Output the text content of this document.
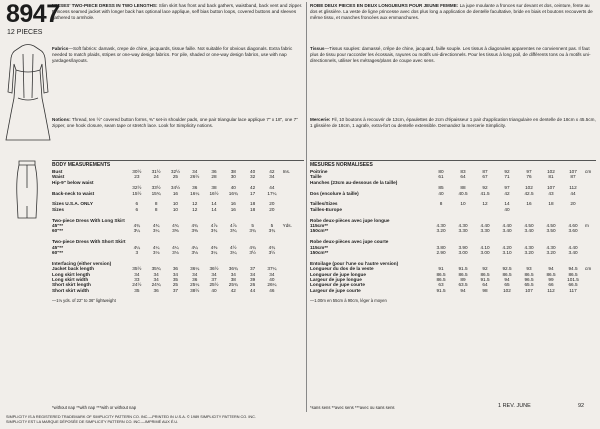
8947
12 PIECES
MISSES' TWO-PIECE DRESS IN TWO LENGTHS: Slim skirt has front and back gathers, waistband, back vent and zipper. Princess seamed jacket with longer back has optional lace applique, self bias button loops, covered buttons and sleeves gathered to armhole.
ROBE DEUX PIECES EN DEUX LONGUEURS POUR JEUNE FEMME: La jupe moulante a fronces sur devant et dos, ceinture, fente au dos et glissière. La veste de ligne princesse avec dos plus long a application de dentelle facultative, bride en biais et boutons recouverts de même tissu, et manches froncées aux emmanchures.
Fabrics—Soft fabrics: damask, crepe de chine, jacquards, tissue faille. Not suitable for obvious diagonals. Extra fabric needed to match plaids, stripes or one-way design fabrics. For pile, shaded or one-way design fabrics, use with nap yardages/layouts.
Tissus—Tissus souples: damassé, crêpe de chine, jacquard, faille souple. Les tissus à diagonales apparentes ne conviennent pas. Il faut plus de tissu pour raccorder les écossais, rayures ou motifs uni-directionnels. Pour les tissus à long poil, de différents tons ou à motifs uni-directionnels, utiliser les métrages/plans de coupe avec sens.
Notions: Thread, ten ½" covered button forms, ⅜" set-in shoulder pads, one pair triangular lace applique 7" x 18", one 7" zipper, one hook closure, seam tape or stretch lace. Look for Simplicity notions.
Mercerie: Fil, 10 boutons à recouvrir de 13cm, épaulettes de 2cm d'épaisseur 1 pair d'application triangulaire en dentelle de 18cm x 45.5cm, 1 glissière de 18cm, 1 agrafe, extra-fort ou dentelle extensible. Demandez la mercerie Simplicity.
BODY MEASUREMENTS
Bust	30½	31½	32½	34	36	38	40	42	Ins.
Waist	23	24	25	26½	28	30	32	34	
Hip-9" below waist									
	32½	33½	34½	36	38	40	42	44	
Back-neck to waist	15½	15¾	16	16¼	16½	16¾	17	17¼	

Sizes U.S.A. ONLY	6	8	10	12	14	16	18	20	
Sizes	6	8	10	12	14	16	18	20	

Two-piece Dress With Long Skirt									
45"**	4¾	4¾	4¾	4¾	4⅞	4⅞	5	5	Yds.
60"**	3¼	3¼	3⅜	3⅜	3¾	3¾	3¾	3¾	

Two-piece Dress With Short Skirt									
45"**	4¼	4¼	4¼	4¼	4⅜	4½	4¾	4¾	
60"**	3	3⅛	3⅛	3⅛	3¼	3¼	3½	3½	

Interfacing (either version)									
Jacket back length	35½	35¾	36	36¼	36½	36¾	37	37¼	
Long skirt length	34	34	34	34	34	34	34	34	
Long skirt width	33	34	35	36	37	38	39	40	
Short skirt length	24½	24¾	25	25¼	25½	25¾	26	26¼	
Short skirt width	35	36	37	38½	40	42	44	46	
—1⅛ yds. of 22" to 36" lightweight
*without nap **with nap ***with or without nap
MESURES NORMALISEES
Poitrine	80	83	87	92	97	102	107	cm
Taille	61	64	67	71	76	81	87	
Hanches (23cm au-dessous de la taille)								
	85	88	92	97	102	107	112	
Dos (encolure à taille)	40	40.5	41.5	42	42.5	43	44	

Tailles/Sizes	8	10	12	14	16	18	20	
Tailles-Europe				40				

Robe deux-pièces avec jupe longue								
115cm**	4.30	4.30	4.40	4.40	4.50	4.50	4.60	m
150cm**	3.20	3.30	3.30	3.40	3.40	3.50	3.60	

Robe deux-pièces avec jupe courte								
115cm**	3.80	3.90	4.10	4.20	4.30	4.30	4.40	
150cm**	2.90	3.00	3.00	3.10	3.20	3.20	3.40	

Entoilage (pour l'une ou l'autre version)								
Longueur du dos de la veste	91	91.5	92	92.5	93	94	94.5	cm
Longueur de jupe longue	86.5	86.5	86.5	86.5	86.5	86.5	86.5	
Largeur de jupe longue	86.5	89	91.5	94	96.5	99	101.5	
Longueur de jupe courte	63	63.5	64	65	65.5	66	66.5	
Largeur de jupe courte	91.5	94	98	102	107	112	117	
—1.00m en 55cm à 90cm, léger à moyen
*sans sens **avec sens ***avec ou sans sens	1 REV. JUNE	92
SIMPLICITY IS A REGISTERED TRADEMARK OF SIMPLICITY PATTERN CO. INC.—PRINTED IN U.S.A. © 1989 SIMPLICITY PATTERN CO. INC.
SIMPLICITY EST LA MARQUE DÉPOSÉE DE SIMPLICITY PATTERN CO. INC.—IMPRIMÉ AUX É.U.
